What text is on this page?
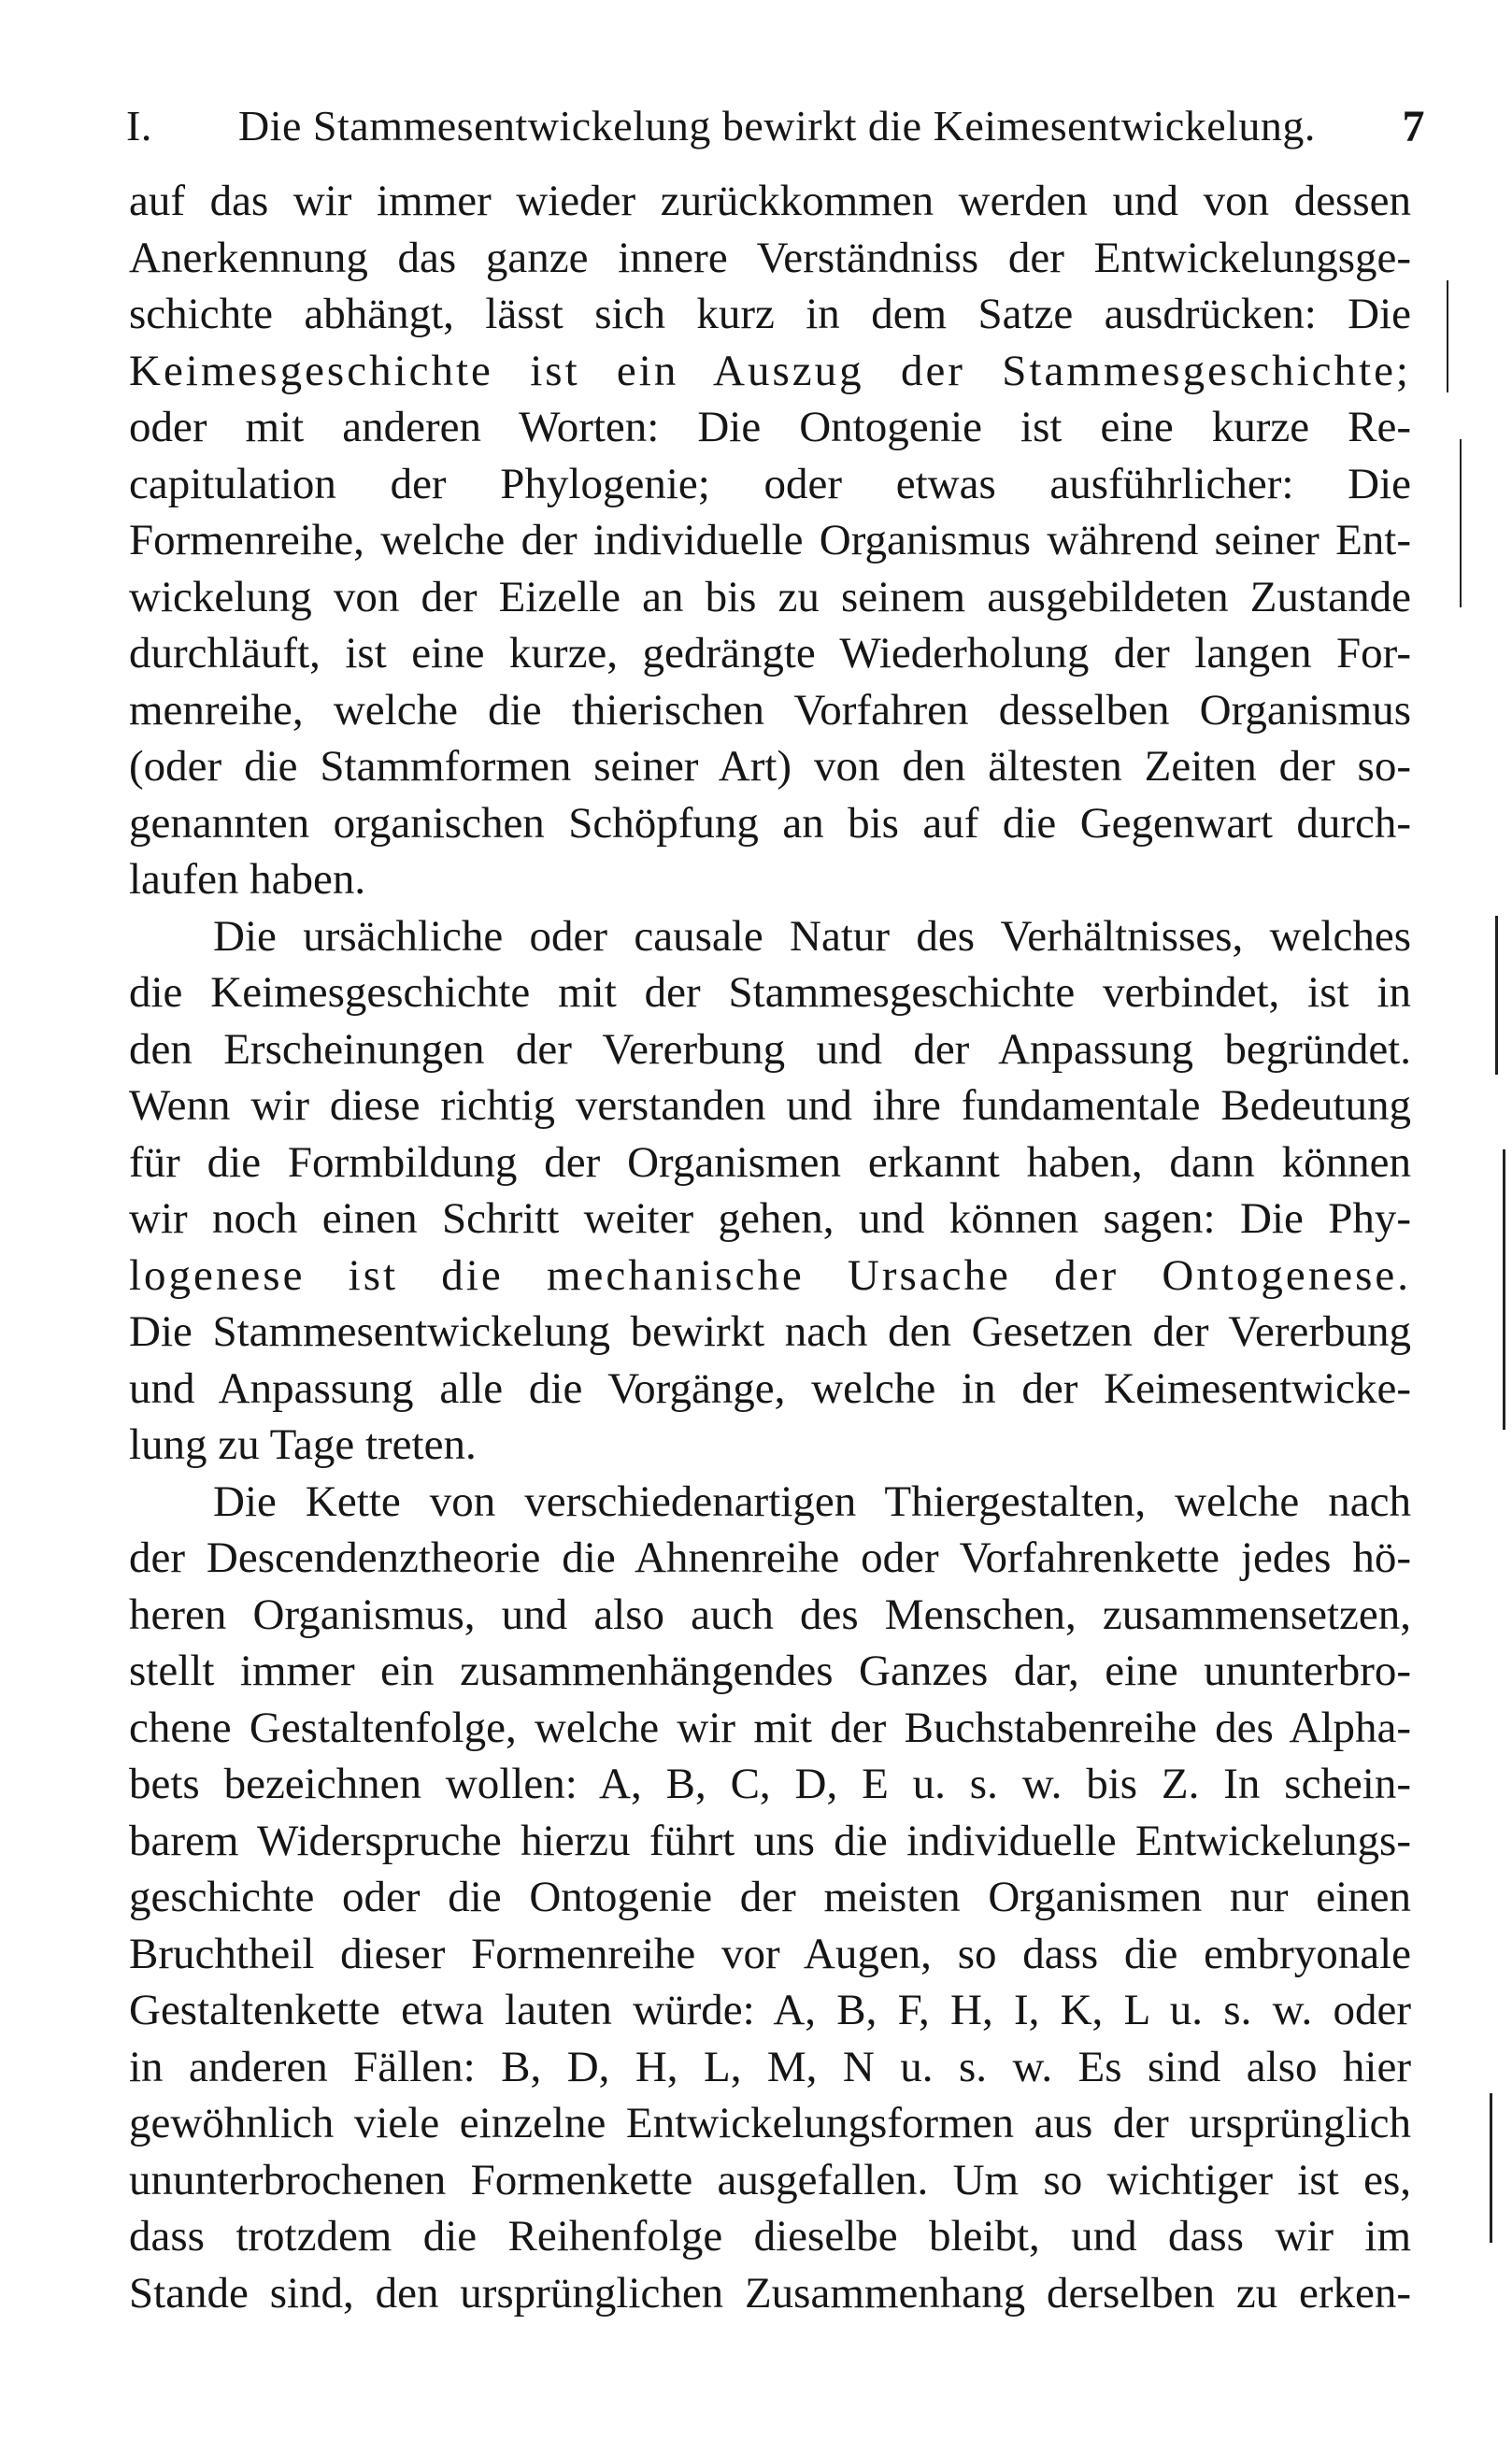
I. Die Stammesentwickelung bewirkt die Keimesentwickelung. 7
auf das wir immer wieder zurückkommen werden und von dessen
Anerkennung das ganze innere Verständniss der Entwickelungsge-
schichte abhängt, lässt sich kurz in dem Satze ausdrücken: Die
Keimesgeschichte ist ein Auszug der Stammesgeschichte;
oder mit anderen Worten: Die Ontogenie ist eine kurze Re-
capitulation der Phylogenie; oder etwas ausführlicher: Die
Formenreihe, welche der individuelle Organismus während seiner Ent-
wickelung von der Eizelle an bis zu seinem ausgebildeten Zustande
durchläuft, ist eine kurze, gedrängte Wiederholung der langen For-
menreihe, welche die thierischen Vorfahren desselben Organismus
(oder die Stammformen seiner Art) von den ältesten Zeiten der so-
genannten organischen Schöpfung an bis auf die Gegenwart durch-
laufen haben.
Die ursächliche oder causale Natur des Verhältnisses, welches
die Keimesgeschichte mit der Stammesgeschichte verbindet, ist in
den Erscheinungen der Vererbung und der Anpassung begründet.
Wenn wir diese richtig verstanden und ihre fundamentale Bedeutung
für die Formbildung der Organismen erkannt haben, dann können
wir noch einen Schritt weiter gehen, und können sagen: Die Phy-
logenese ist die mechanische Ursache der Ontogenese.
Die Stammesentwickelung bewirkt nach den Gesetzen der Vererbung
und Anpassung alle die Vorgänge, welche in der Keimesentwicke-
lung zu Tage treten.
Die Kette von verschiedenartigen Thiergestalten, welche nach
der Descendenztheorie die Ahnenreihe oder Vorfahrenkette jedes hö-
heren Organismus, und also auch des Menschen, zusammensetzen,
stellt immer ein zusammenhängendes Ganzes dar, eine ununterbro-
chene Gestaltenfolge, welche wir mit der Buchstabenreihe des Alpha-
bets bezeichnen wollen: A, B, C, D, E u. s. w. bis Z. In schein-
barem Widerspruche hierzu führt uns die individuelle Entwickelungs-
geschichte oder die Ontogenie der meisten Organismen nur einen
Bruchtheil dieser Formenreihe vor Augen, so dass die embryonale
Gestaltenkette etwa lauten würde: A, B, F, H, I, K, L u. s. w. oder
in anderen Fällen: B, D, H, L, M, N u. s. w. Es sind also hier
gewöhnlich viele einzelne Entwickelungsformen aus der ursprünglich
ununterbrochenen Formenkette ausgefallen. Um so wichtiger ist es,
dass trotzdem die Reihenfolge dieselbe bleibt, und dass wir im
Stande sind, den ursprünglichen Zusammenhang derselben zu erken-
